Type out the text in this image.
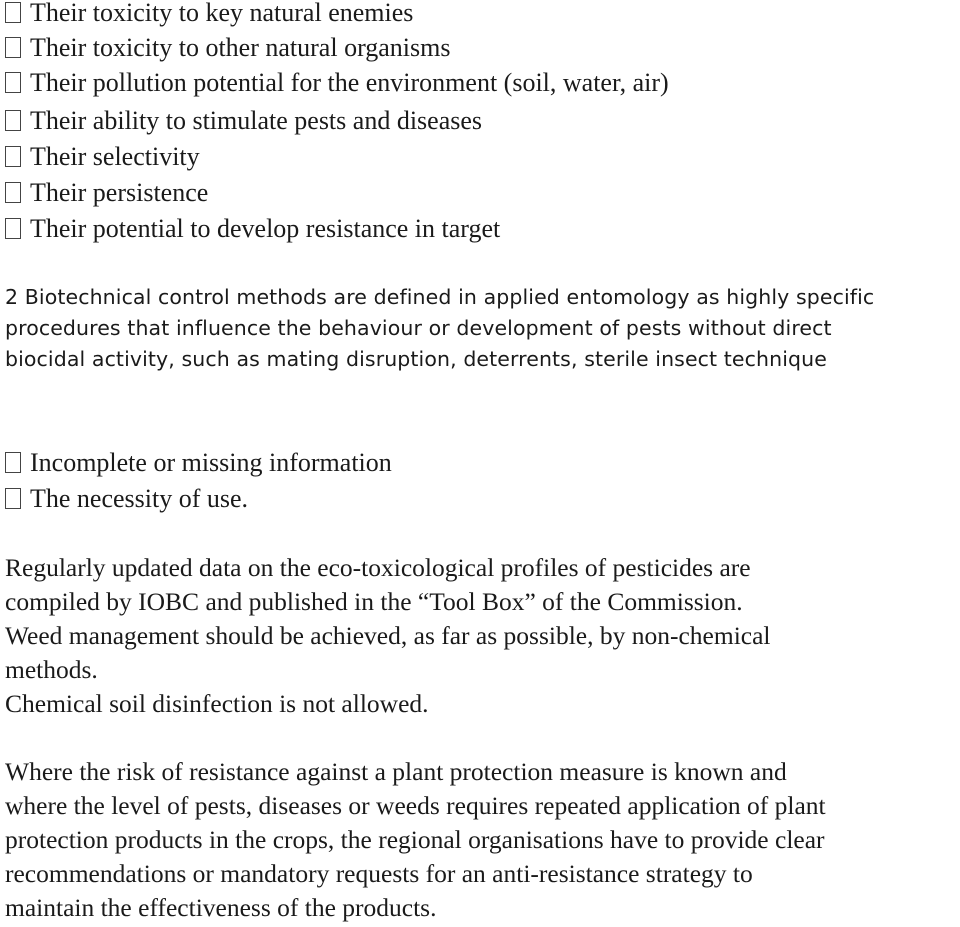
Their toxicity to key natural enemies
Their toxicity to other natural organisms
Their pollution potential for the environment (soil, water, air)
Their ability to stimulate pests and diseases
Their selectivity
Their persistence
Their potential to develop resistance in target
2 Biotechnical control methods are defined in applied entomology as highly specific
procedures that influence the behaviour or development of pests without direct
biocidal activity, such as mating disruption, deterrents, sterile insect technique
Incomplete or missing information
The necessity of use.
Regularly updated data on the eco-toxicological profiles of pesticides are
compiled by IOBC and published in the “Tool Box” of the Commission.
Weed management should be achieved, as far as possible, by non-chemical
methods.
Chemical soil disinfection is not allowed.
Where the risk of resistance against a plant protection measure is known and
where the level of pests, diseases or weeds requires repeated application of plant
protection products in the crops, the regional organisations have to provide clear
recommendations or mandatory requests for an anti-resistance strategy to
maintain the effectiveness of the products.
